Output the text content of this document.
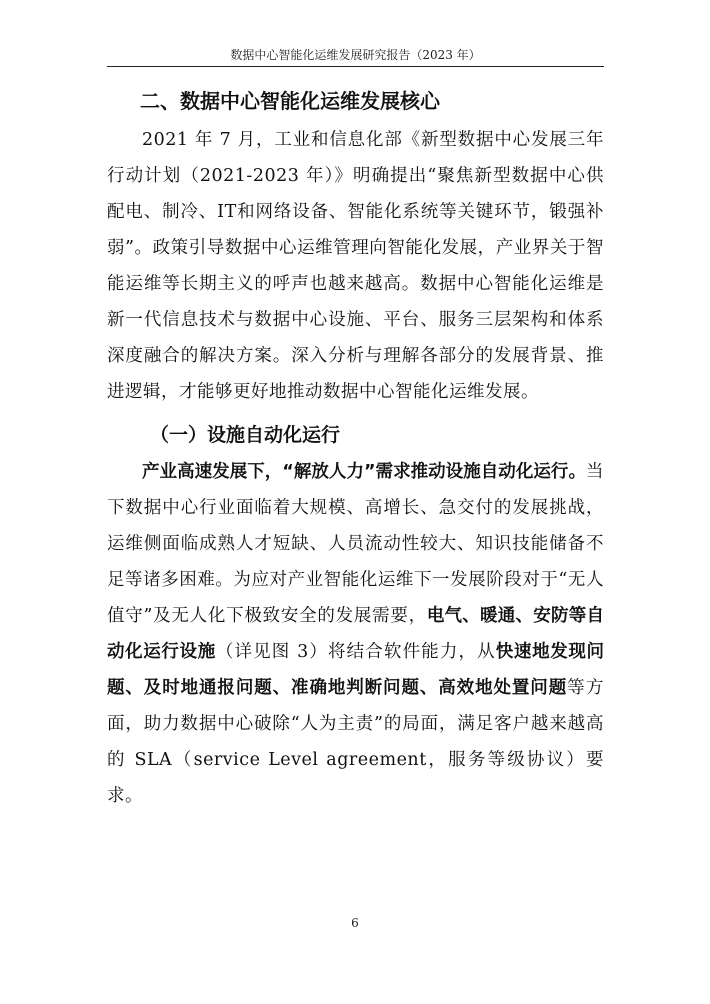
数据中心智能化运维发展研究报告（2023 年）
二、数据中心智能化运维发展核心

2021 年 7 月，工业和信息化部《新型数据中心发展三年行动计划（2021-2023 年）》明确提出“聚焦新型数据中心供配电、制冷、IT和网络设备、智能化系统等关键环节，锻强补弱”。政策引导数据中心运维管理向智能化发展，产业界关于智能运维等长期主义的呼声也越来越高。数据中心智能化运维是新一代信息技术与数据中心设施、平台、服务三层架构和体系深度融合的解决方案。深入分析与理解各部分的发展背景、推进逻辑，才能够更好地推动数据中心智能化运维发展。

（一）设施自动化运行

产业高速发展下，“解放人力”需求推动设施自动化运行。当下数据中心行业面临着大规模、高增长、急交付的发展挑战，运维侧面临成熟人才短缺、人员流动性较大、知识技能储备不足等诸多困难。为应对产业智能化运维下一发展阶段对于“无人值守”及无人化下极致安全的发展需要，电气、暖通、安防等自动化运行设施（详见图 3）将结合软件能力，从快速地发现问题、及时地通报问题、准确地判断问题、高效地处置问题等方面，助力数据中心破除“人为主责”的局面，满足客户越来越高的 SLA（service Level agreement，服务等级协议）要求。

6
